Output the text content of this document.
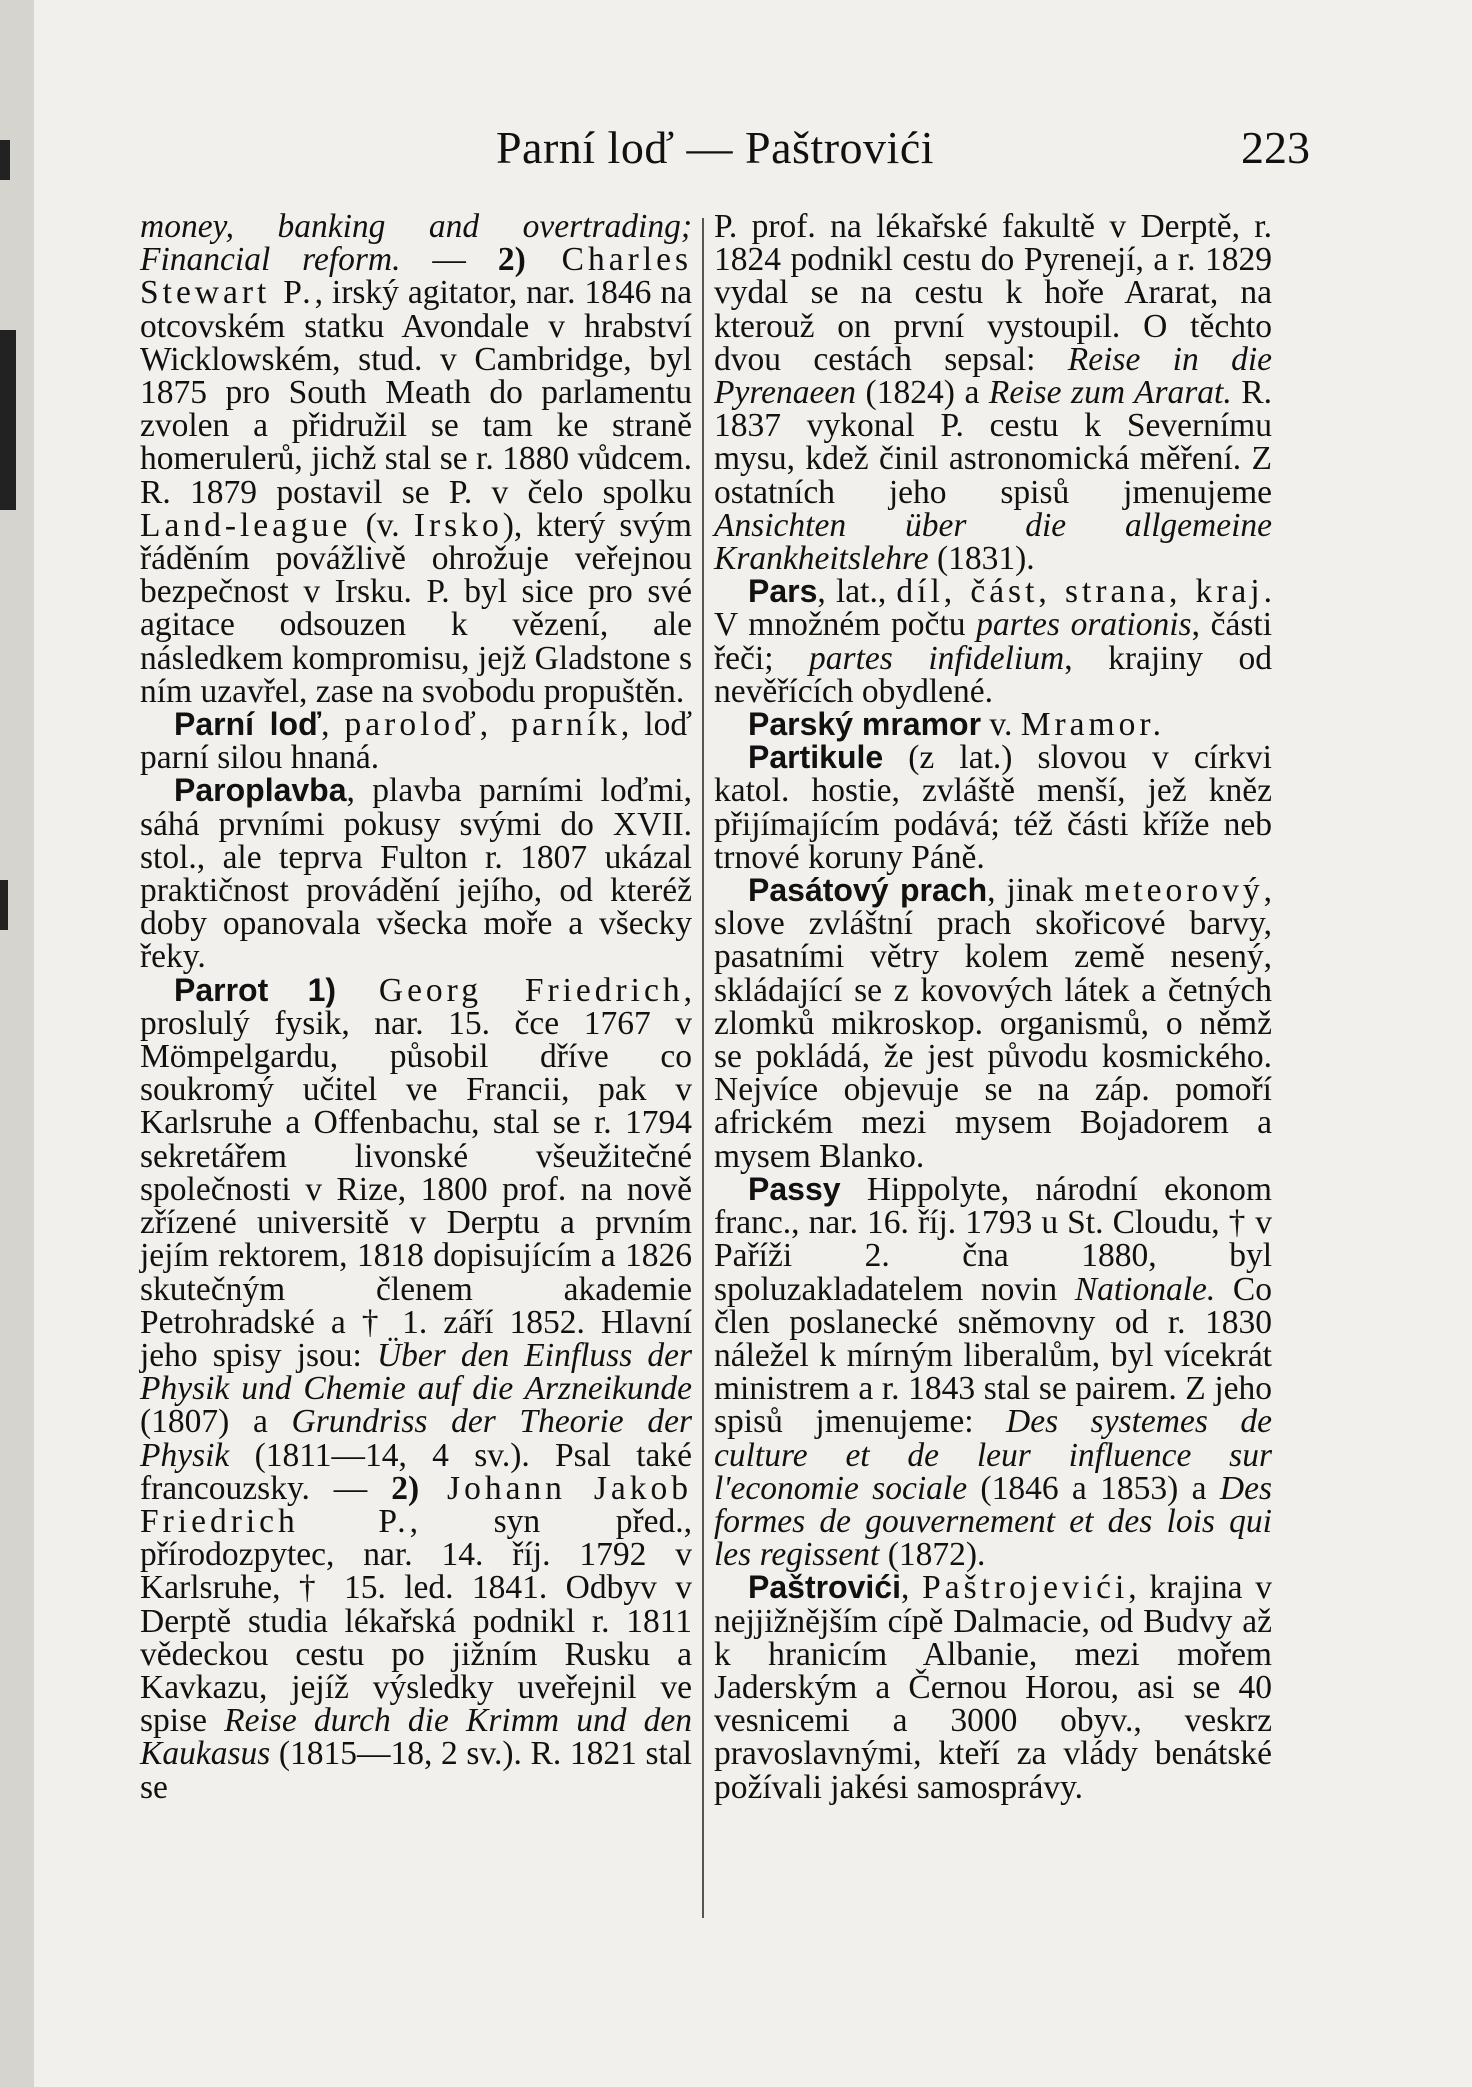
Parní loď — Paštrovići	223

money, banking and overtrading; Financial reform. — 2) Charles Stewart P., irský agitator, nar. 1846 na otcovském statku Avondale v hrabství Wicklowském, stud. v Cambridge, byl 1875 pro South Meath do parlamentu zvolen a přidružil se tam ke straně homerulerů, jichž stal se r. 1880 vůdcem. R. 1879 postavil se P. v čelo spolku Land-league (v. Irsko), který svým řáděním povážlivě ohrožuje veřejnou bezpečnost v Irsku. P. byl sice pro své agitace odsouzen k vězení, ale následkem kompromisu, jejž Gladstone s ním uzavřel, zase na svobodu propuštěn.

Parní loď, paroloď, parník, loď parní silou hnaná.

Paroplavba, plavba parními loďmi, sáhá prvními pokusy svými do XVII. stol., ale teprva Fulton r. 1807 ukázal praktičnost provádění jejího, od kteréž doby opanovala všecka moře a všecky řeky.

Parrot 1) Georg Friedrich, proslulý fysik, nar. 15. čce 1767 v Mömpelgardu, působil dříve co soukromý učitel ve Francii, pak v Karlsruhe a Offenbachu, stal se r. 1794 sekretářem livonské všeužitečné společnosti v Rize, 1800 prof. na nově zřízené universitě v Derptu a prvním jejím rektorem, 1818 dopisujícím a 1826 skutečným členem akademie Petrohradské a † 1. září 1852. Hlavní jeho spisy jsou: Über den Einfluss der Physik und Chemie auf die Arzneikunde (1807) a Grundriss der Theorie der Physik (1811—14, 4 sv.). Psal také francouzsky. — 2) Johann Jakob Friedrich P., syn před., přírodozpytec, nar. 14. říj. 1792 v Karlsruhe, † 15. led. 1841. Odbyv v Derptě studia lékařská podnikl r. 1811 vědeckou cestu po jižním Rusku a Kavkazu, jejíž výsledky uveřejnil ve spise Reise durch die Krimm und den Kaukasus (1815—18, 2 sv.). R. 1821 stal se

P. prof. na lékařské fakultě v Derptě, r. 1824 podnikl cestu do Pyrenejí, a r. 1829 vydal se na cestu k hoře Ararat, na kterouž on první vystoupil. O těchto dvou cestách sepsal: Reise in die Pyrenaeen (1824) a Reise zum Ararat. R. 1837 vykonal P. cestu k Severnímu mysu, kdež činil astronomická měření. Z ostatních jeho spisů jmenujeme Ansichten über die allgemeine Krankheitslehre (1831).

Pars, lat., díl, část, strana, kraj. V množném počtu partes orationis, části řeči; partes infidelium, krajiny od nevěřících obydlené.

Parský mramor v. Mramor.

Partikule (z lat.) slovou v církvi katol. hostie, zvláště menší, jež kněz přijímajícím podává; též části kříže neb trnové koruny Páně.

Pasátový prach, jinak meteorový, slove zvláštní prach skořicové barvy, pasatními větry kolem země nesený, skládající se z kovových látek a četných zlomků mikroskop. organismů, o němž se pokládá, že jest původu kosmického. Nejvíce objevuje se na záp. pomoří africkém mezi mysem Bojadorem a mysem Blanko.

Passy Hippolyte, národní ekonom franc., nar. 16. říj. 1793 u St. Cloudu, † v Paříži 2. čna 1880, byl spoluzakladatelem novin Nationale. Co člen poslanecké sněmovny od r. 1830 náležel k mírným liberalům, byl vícekrát ministrem a r. 1843 stal se pairem. Z jeho spisů jmenujeme: Des systemes de culture et de leur influence sur l'economie sociale (1846 a 1853) a Des formes de gouvernement et des lois qui les regissent (1872).

Paštrovići, Paštrojevići, krajina v nejjižnějším cípě Dalmacie, od Budvy až k hranicím Albanie, mezi mořem Jaderským a Černou Horou, asi se 40 vesnicemi a 3000 obyv., veskrz pravoslavnými, kteří za vlády benátské požívali jakési samosprávy.
